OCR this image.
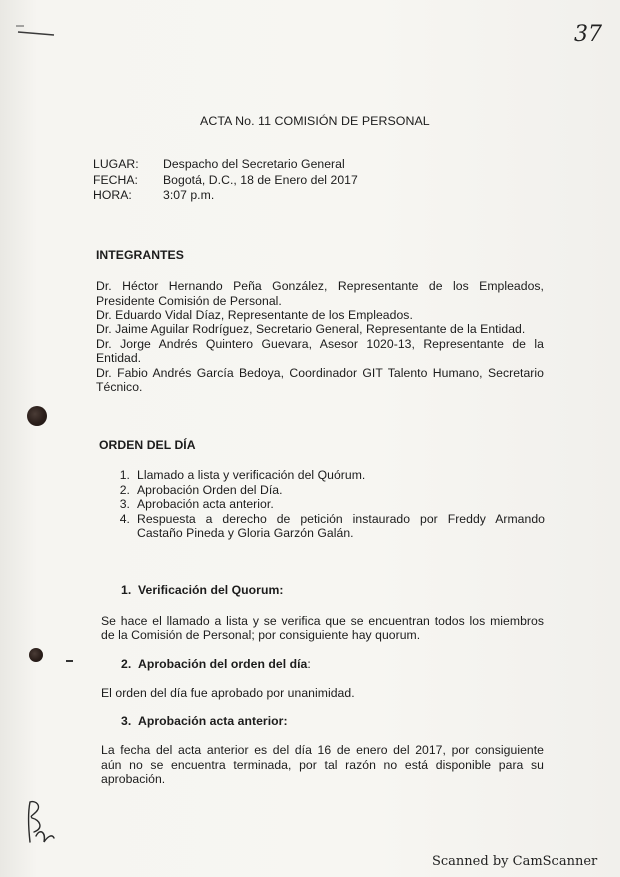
37
ACTA No. 11 COMISIÓN DE PERSONAL
LUGAR:	Despacho del Secretario General
FECHA:	Bogotá, D.C., 18 de Enero del 2017
HORA:	3:07 p.m.
INTEGRANTES
Dr. Héctor Hernando Peña González, Representante de los Empleados,
Presidente Comisión de Personal.
Dr. Eduardo Vidal Díaz, Representante de los Empleados.
Dr. Jaime Aguilar Rodríguez, Secretario General, Representante de la Entidad.
Dr. Jorge Andrés Quintero Guevara, Asesor 1020-13, Representante de la
Entidad.
Dr. Fabio Andrés García Bedoya, Coordinador GIT Talento Humano, Secretario
Técnico.
ORDEN DEL DÍA
1. Llamado a lista y verificación del Quórum.
2. Aprobación Orden del Día.
3. Aprobación acta anterior.
4. Respuesta a derecho de petición instaurado por Freddy Armando
Castaño Pineda y Gloria Garzón Galán.
1. Verificación del Quorum:
Se hace el llamado a lista y se verifica que se encuentran todos los miembros
de la Comisión de Personal; por consiguiente hay quorum.
2. Aprobación del orden del día:
El orden del día fue aprobado por unanimidad.
3. Aprobación acta anterior:
La fecha del acta anterior es del día 16 de enero del 2017, por consiguiente
aún no se encuentra terminada, por tal razón no está disponible para su
aprobación.
Scanned by CamScanner
